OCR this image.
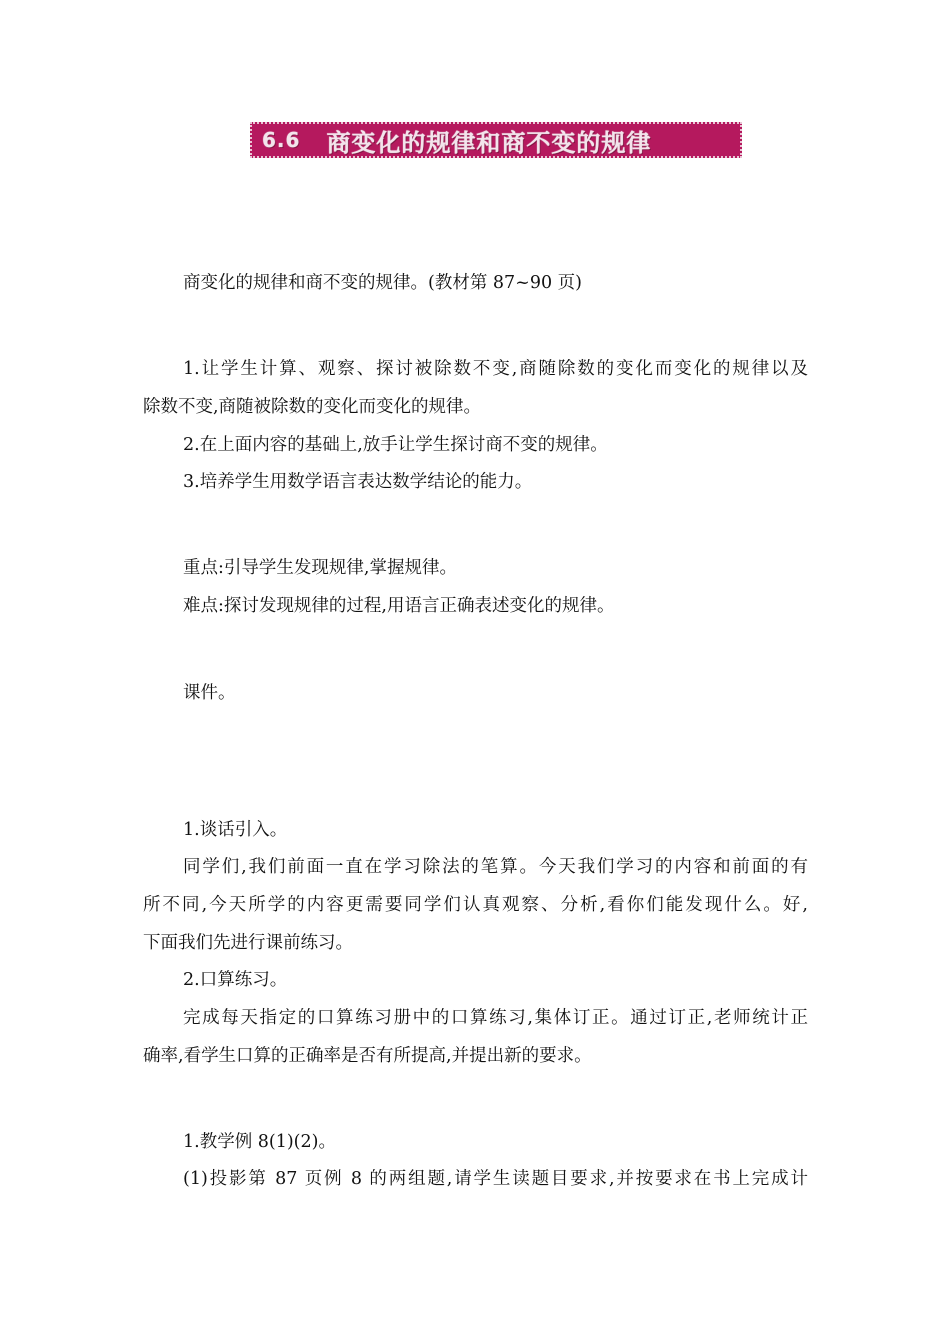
6.6 商变化的规律和商不变的规律

商变化的规律和商不变的规律。(教材第 87~90 页)

1.让学生计算、观察、探讨被除数不变,商随除数的变化而变化的规律以及

除数不变,商随被除数的变化而变化的规律。

2.在上面内容的基础上,放手让学生探讨商不变的规律。

3.培养学生用数学语言表达数学结论的能力。

重点:引导学生发现规律,掌握规律。

难点:探讨发现规律的过程,用语言正确表述变化的规律。

课件。

1.谈话引入。

同学们,我们前面一直在学习除法的笔算。今天我们学习的内容和前面的有

所不同,今天所学的内容更需要同学们认真观察、分析,看你们能发现什么。好,

下面我们先进行课前练习。

2.口算练习。

完成每天指定的口算练习册中的口算练习,集体订正。通过订正,老师统计正

确率,看学生口算的正确率是否有所提高,并提出新的要求。

1.教学例 8(1)(2)。

(1)投影第 87 页例 8 的两组题,请学生读题目要求,并按要求在书上完成计
